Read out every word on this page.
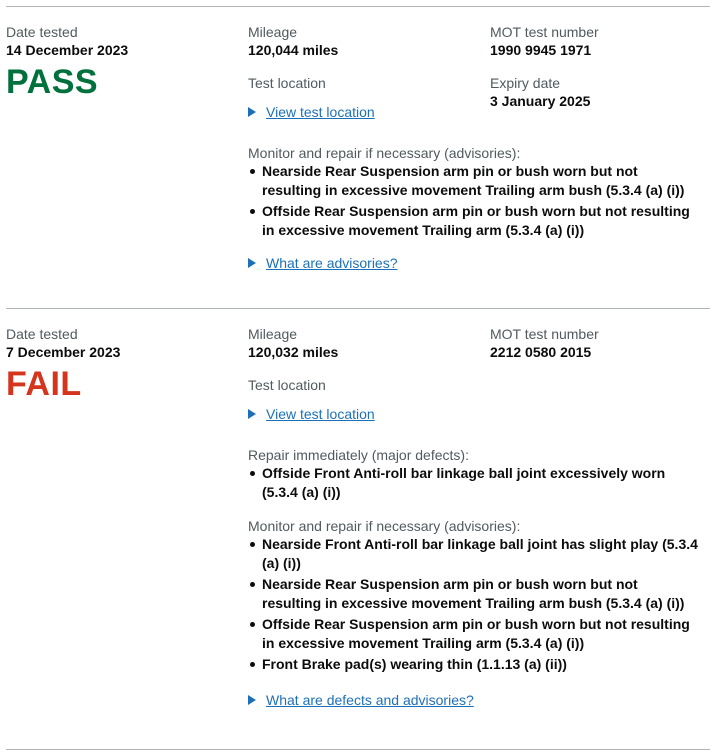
Date tested
14 December 2023
PASS
Mileage
120,044 miles
MOT test number
1990 9945 1971
Test location
View test location
Expiry date
3 January 2025
Monitor and repair if necessary (advisories):
Nearside Rear Suspension arm pin or bush worn but not resulting in excessive movement Trailing arm bush (5.3.4 (a) (i))
Offside Rear Suspension arm pin or bush worn but not resulting in excessive movement Trailing arm (5.3.4 (a) (i))
What are advisories?
Date tested
7 December 2023
FAIL
Mileage
120,032 miles
MOT test number
2212 0580 2015
Test location
View test location
Repair immediately (major defects):
Offside Front Anti-roll bar linkage ball joint excessively worn (5.3.4 (a) (i))
Monitor and repair if necessary (advisories):
Nearside Front Anti-roll bar linkage ball joint has slight play (5.3.4 (a) (i))
Nearside Rear Suspension arm pin or bush worn but not resulting in excessive movement Trailing arm bush (5.3.4 (a) (i))
Offside Rear Suspension arm pin or bush worn but not resulting in excessive movement Trailing arm (5.3.4 (a) (i))
Front Brake pad(s) wearing thin (1.1.13 (a) (ii))
What are defects and advisories?
